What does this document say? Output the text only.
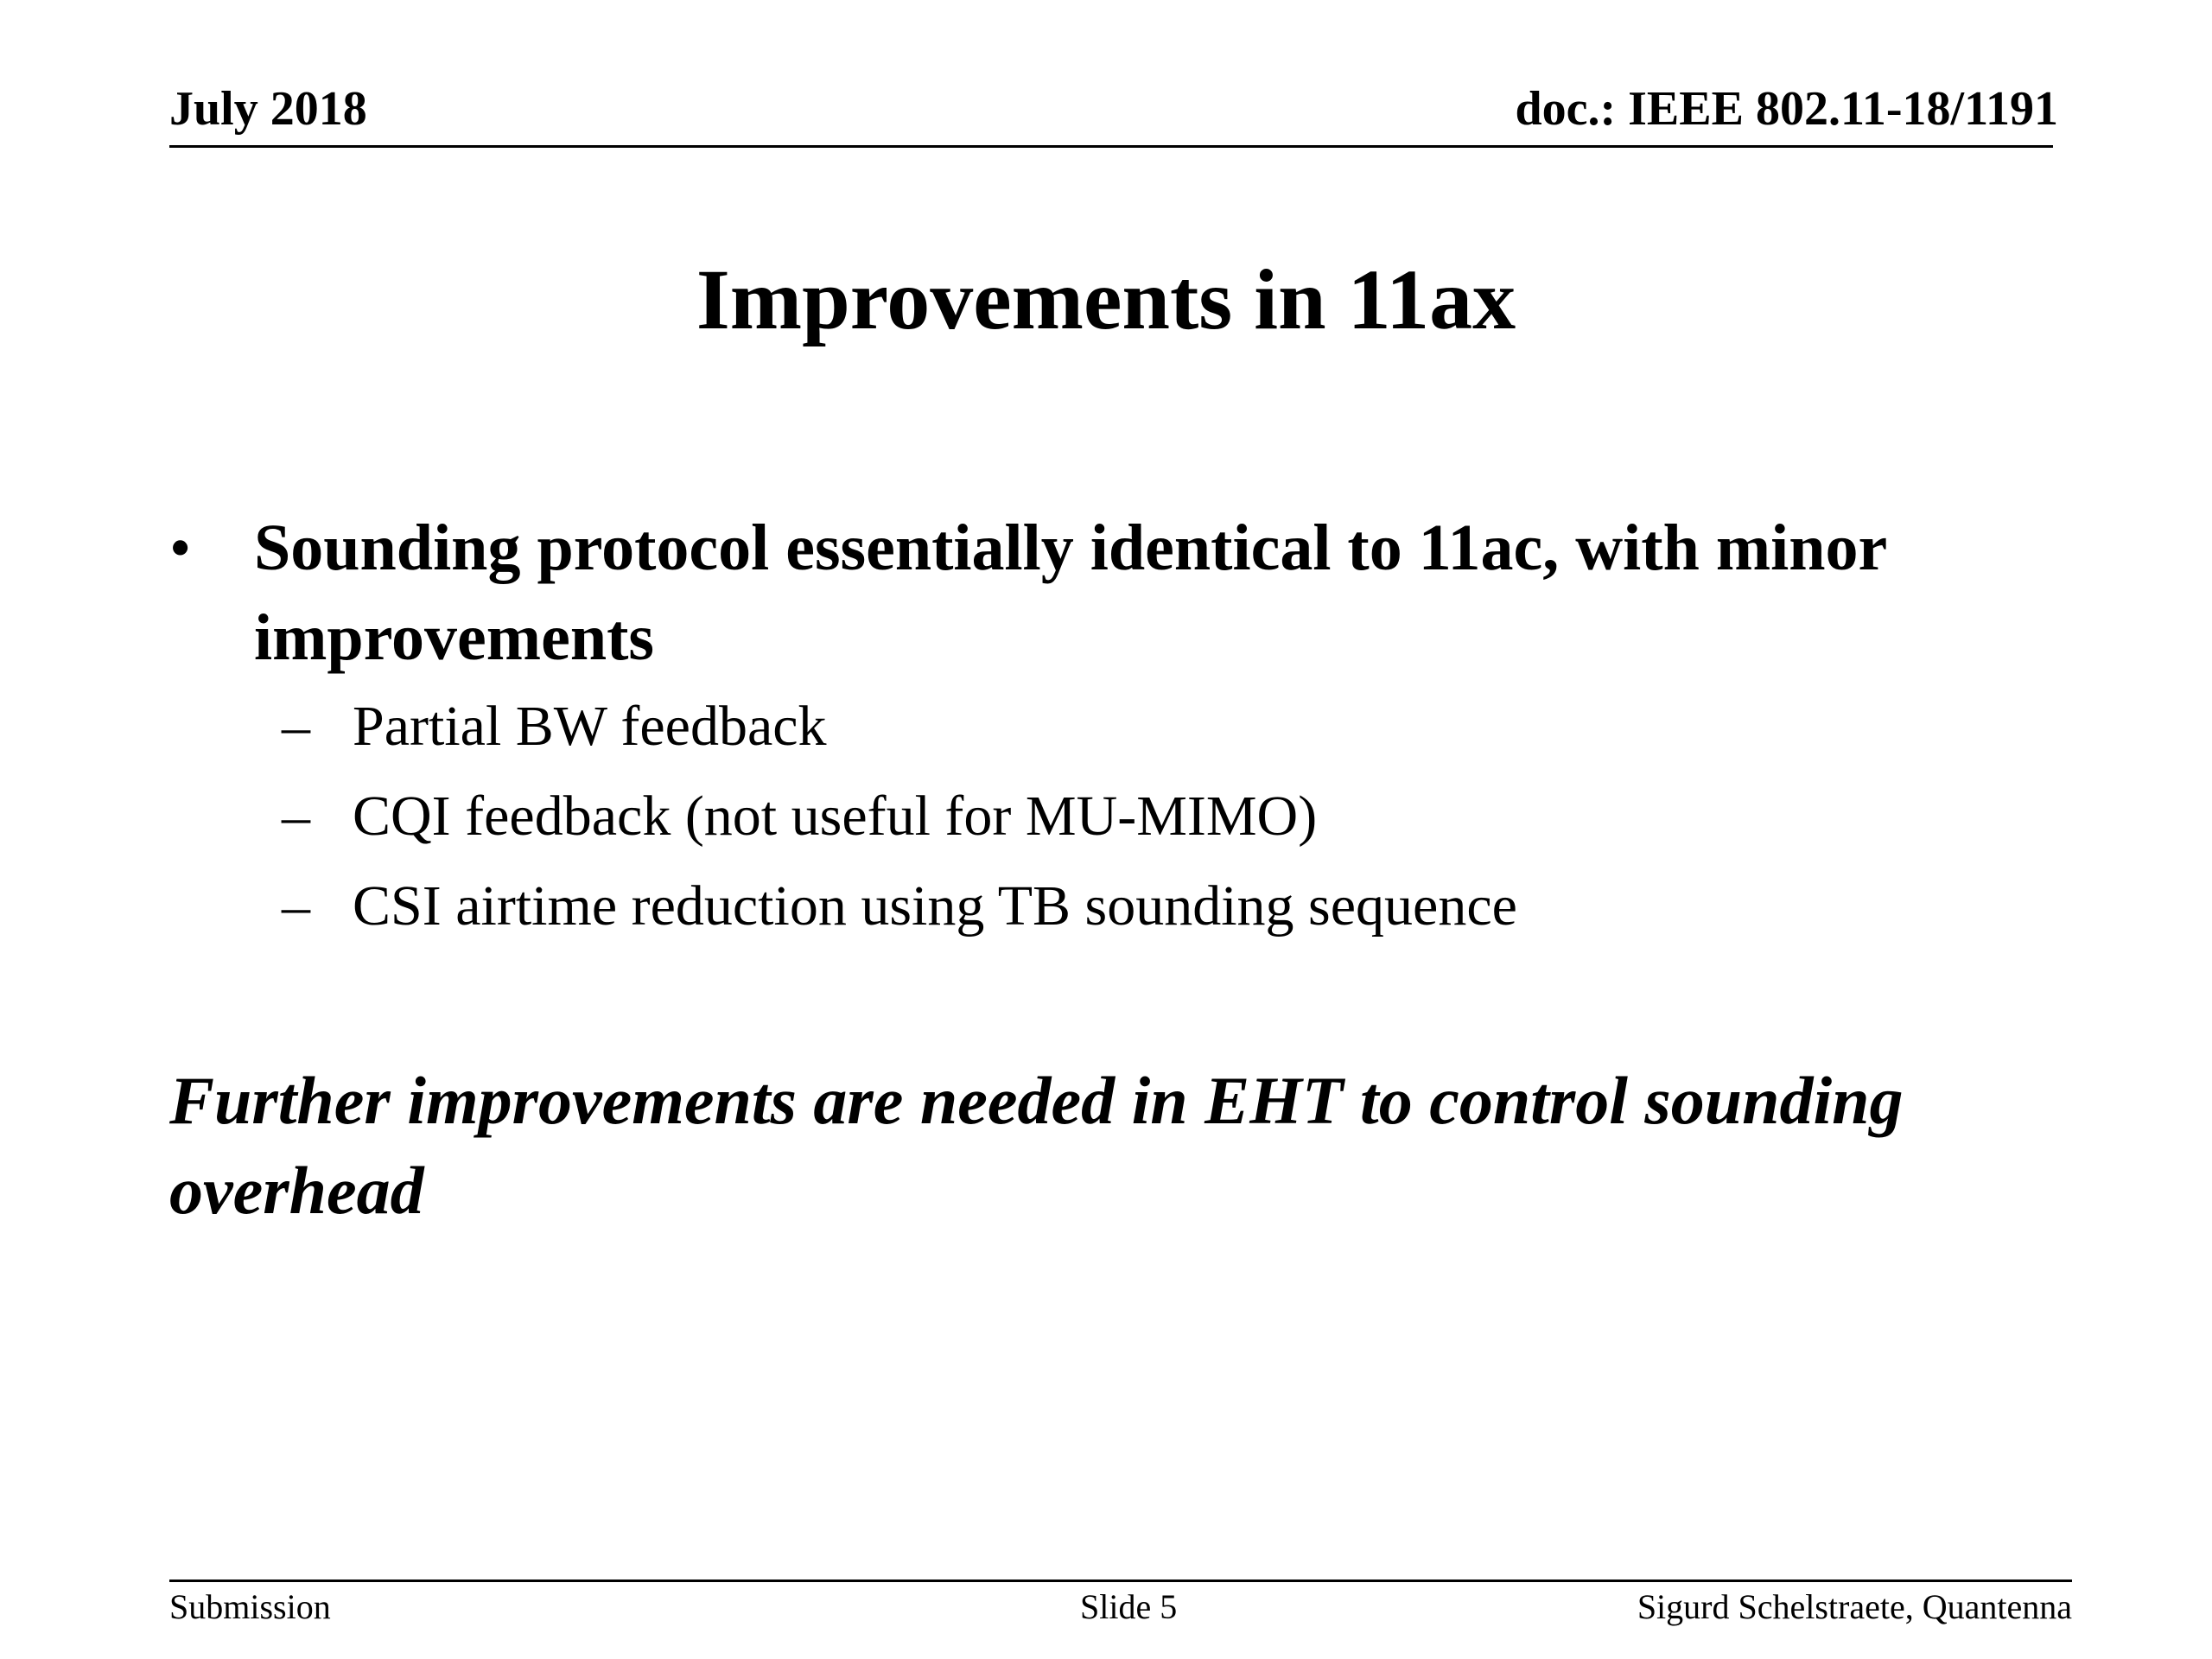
July 2018	doc.: IEEE 802.11-18/1191
Improvements in 11ax
• Sounding protocol essentially identical to 11ac, with minor improvements
– Partial BW feedback
– CQI feedback (not useful for MU-MIMO)
– CSI airtime reduction using TB sounding sequence
Further improvements are needed in EHT to control sounding overhead
Submission	Slide 5	Sigurd Schelstraete, Quantenna
